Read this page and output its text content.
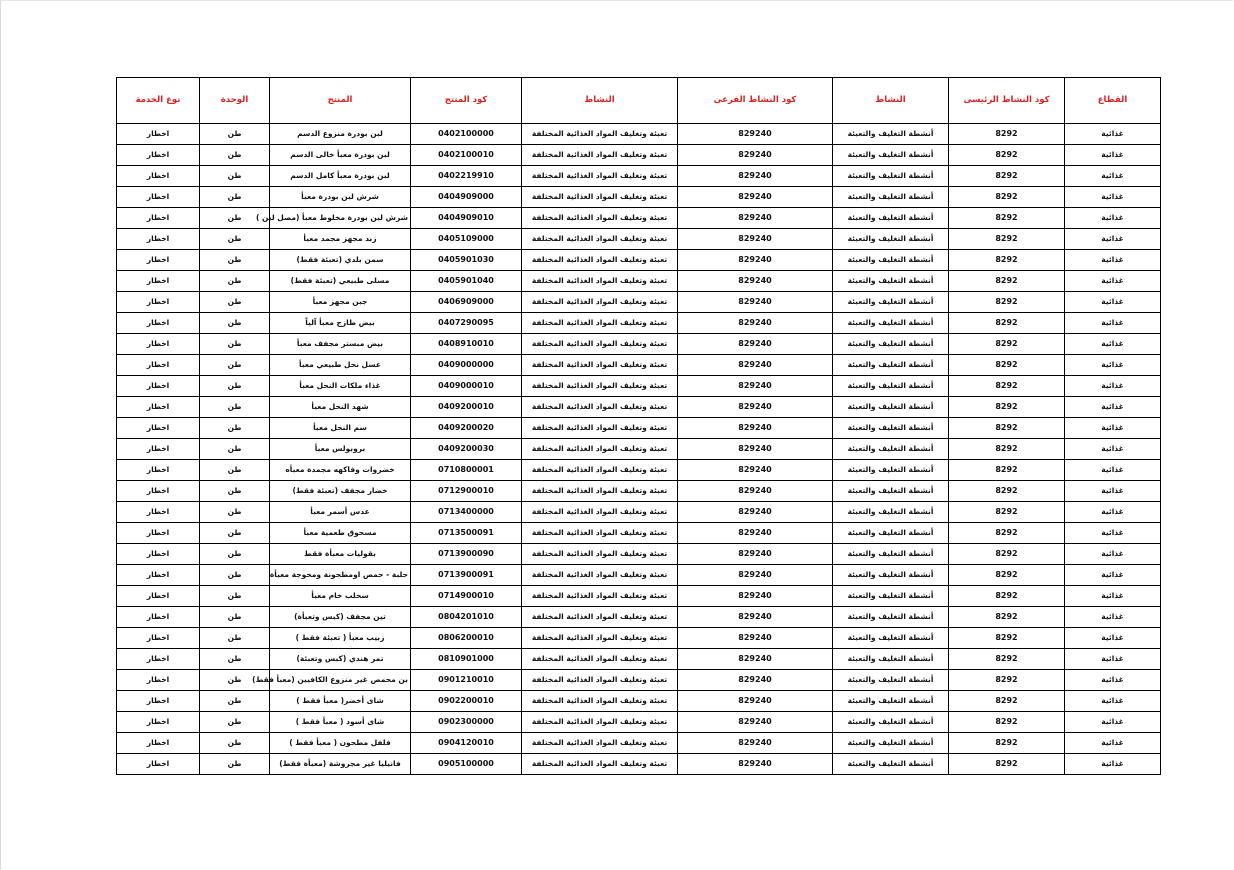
القطاع	كود النشاط الرئيسى	النشاط	كود النشاط الفرعى	النشاط	كود المنتج	المنتج	الوحدة	نوع الخدمة
غذائية	8292	أنشطة التغليف والتعبئة	829240	تعبئة وتغليف المواد الغذائية المختلفة	0402100000	لبن بودرة منزوع الدسم	طن	اخطار
غذائية	8292	أنشطة التغليف والتعبئة	829240	تعبئة وتغليف المواد الغذائية المختلفة	0402100010	لبن بودرة معبأ خالى الدسم	طن	اخطار
غذائية	8292	أنشطة التغليف والتعبئة	829240	تعبئة وتغليف المواد الغذائية المختلفة	0402219910	لبن بودرة معبأ كامل الدسم	طن	اخطار
غذائية	8292	أنشطة التغليف والتعبئة	829240	تعبئة وتغليف المواد الغذائية المختلفة	0404909000	شرش لبن بودرة معبأ	طن	اخطار
غذائية	8292	أنشطة التغليف والتعبئة	829240	تعبئة وتغليف المواد الغذائية المختلفة	0404909010	شرش لبن بودرة مخلوط معبأ (مصل لبن )	طن	اخطار
غذائية	8292	أنشطة التغليف والتعبئة	829240	تعبئة وتغليف المواد الغذائية المختلفة	0405109000	زبد مجهز مجمد معبأ	طن	اخطار
غذائية	8292	أنشطة التغليف والتعبئة	829240	تعبئة وتغليف المواد الغذائية المختلفة	0405901030	سمن بلدي (تعبئة فقط)	طن	اخطار
غذائية	8292	أنشطة التغليف والتعبئة	829240	تعبئة وتغليف المواد الغذائية المختلفة	0405901040	مسلى طبيعي (تعبئة فقط)	طن	اخطار
غذائية	8292	أنشطة التغليف والتعبئة	829240	تعبئة وتغليف المواد الغذائية المختلفة	0406909000	جبن مجهز معبأ	طن	اخطار
غذائية	8292	أنشطة التغليف والتعبئة	829240	تعبئة وتغليف المواد الغذائية المختلفة	0407290095	بيض طازج معبأ آلياً	طن	اخطار
غذائية	8292	أنشطة التغليف والتعبئة	829240	تعبئة وتغليف المواد الغذائية المختلفة	0408910010	بيض مبستر مجفف معبأ	طن	اخطار
غذائية	8292	أنشطة التغليف والتعبئة	829240	تعبئة وتغليف المواد الغذائية المختلفة	0409000000	عسل نحل طبيعي معبأ	طن	اخطار
غذائية	8292	أنشطة التغليف والتعبئة	829240	تعبئة وتغليف المواد الغذائية المختلفة	0409000010	غذاء ملكات النحل معبأ	طن	اخطار
غذائية	8292	أنشطة التغليف والتعبئة	829240	تعبئة وتغليف المواد الغذائية المختلفة	0409200010	شهد النحل معبأ	طن	اخطار
غذائية	8292	أنشطة التغليف والتعبئة	829240	تعبئة وتغليف المواد الغذائية المختلفة	0409200020	سم النحل معبأ	طن	اخطار
غذائية	8292	أنشطة التغليف والتعبئة	829240	تعبئة وتغليف المواد الغذائية المختلفة	0409200030	بروبولس معبأ	طن	اخطار
غذائية	8292	أنشطة التغليف والتعبئة	829240	تعبئة وتغليف المواد الغذائية المختلفة	0710800001	خضروات وفاكهه مجمدة معبأه	طن	اخطار
غذائية	8292	أنشطة التغليف والتعبئة	829240	تعبئة وتغليف المواد الغذائية المختلفة	0712900010	خضار مجفف (تعبئة فقط)	طن	اخطار
غذائية	8292	أنشطة التغليف والتعبئة	829240	تعبئة وتغليف المواد الغذائية المختلفة	0713400000	عدس أسمر معبأ	طن	اخطار
غذائية	8292	أنشطة التغليف والتعبئة	829240	تعبئة وتغليف المواد الغذائية المختلفة	0713500091	مسحوق طعمية معبأ	طن	اخطار
غذائية	8292	أنشطة التغليف والتعبئة	829240	تعبئة وتغليف المواد الغذائية المختلفة	0713900090	بقوليات معبأة فقط	طن	اخطار
غذائية	8292	أنشطة التغليف والتعبئة	829240	تعبئة وتغليف المواد الغذائية المختلفة	0713900091	حلبة - حمص اومطحونة ومحوجة معبأة	طن	اخطار
غذائية	8292	أنشطة التغليف والتعبئة	829240	تعبئة وتغليف المواد الغذائية المختلفة	0714900010	سحلب خام معبأ	طن	اخطار
غذائية	8292	أنشطة التغليف والتعبئة	829240	تعبئة وتغليف المواد الغذائية المختلفة	0804201010	تين مجفف (كبس وتعبأة)	طن	اخطار
غذائية	8292	أنشطة التغليف والتعبئة	829240	تعبئة وتغليف المواد الغذائية المختلفة	0806200010	زبيب معبأ ( تعبئة فقط )	طن	اخطار
غذائية	8292	أنشطة التغليف والتعبئة	829240	تعبئة وتغليف المواد الغذائية المختلفة	0810901000	تمر هندي (كبس وتعبئة)	طن	اخطار
غذائية	8292	أنشطة التغليف والتعبئة	829240	تعبئة وتغليف المواد الغذائية المختلفة	0901210010	بن محمص غير منزوع الكافيين (معبأ فقط)	طن	اخطار
غذائية	8292	أنشطة التغليف والتعبئة	829240	تعبئة وتغليف المواد الغذائية المختلفة	0902200010	شاى أخضر( معبأ فقط )	طن	اخطار
غذائية	8292	أنشطة التغليف والتعبئة	829240	تعبئة وتغليف المواد الغذائية المختلفة	0902300000	شاى أسود ( معبأ فقط )	طن	اخطار
غذائية	8292	أنشطة التغليف والتعبئة	829240	تعبئة وتغليف المواد الغذائية المختلفة	0904120010	فلفل مطحون ( معبأ فقط )	طن	اخطار
غذائية	8292	أنشطة التغليف والتعبئة	829240	تعبئة وتغليف المواد الغذائية المختلفة	0905100000	فانيليا غير مجروشة (معبأة فقط)	طن	اخطار
